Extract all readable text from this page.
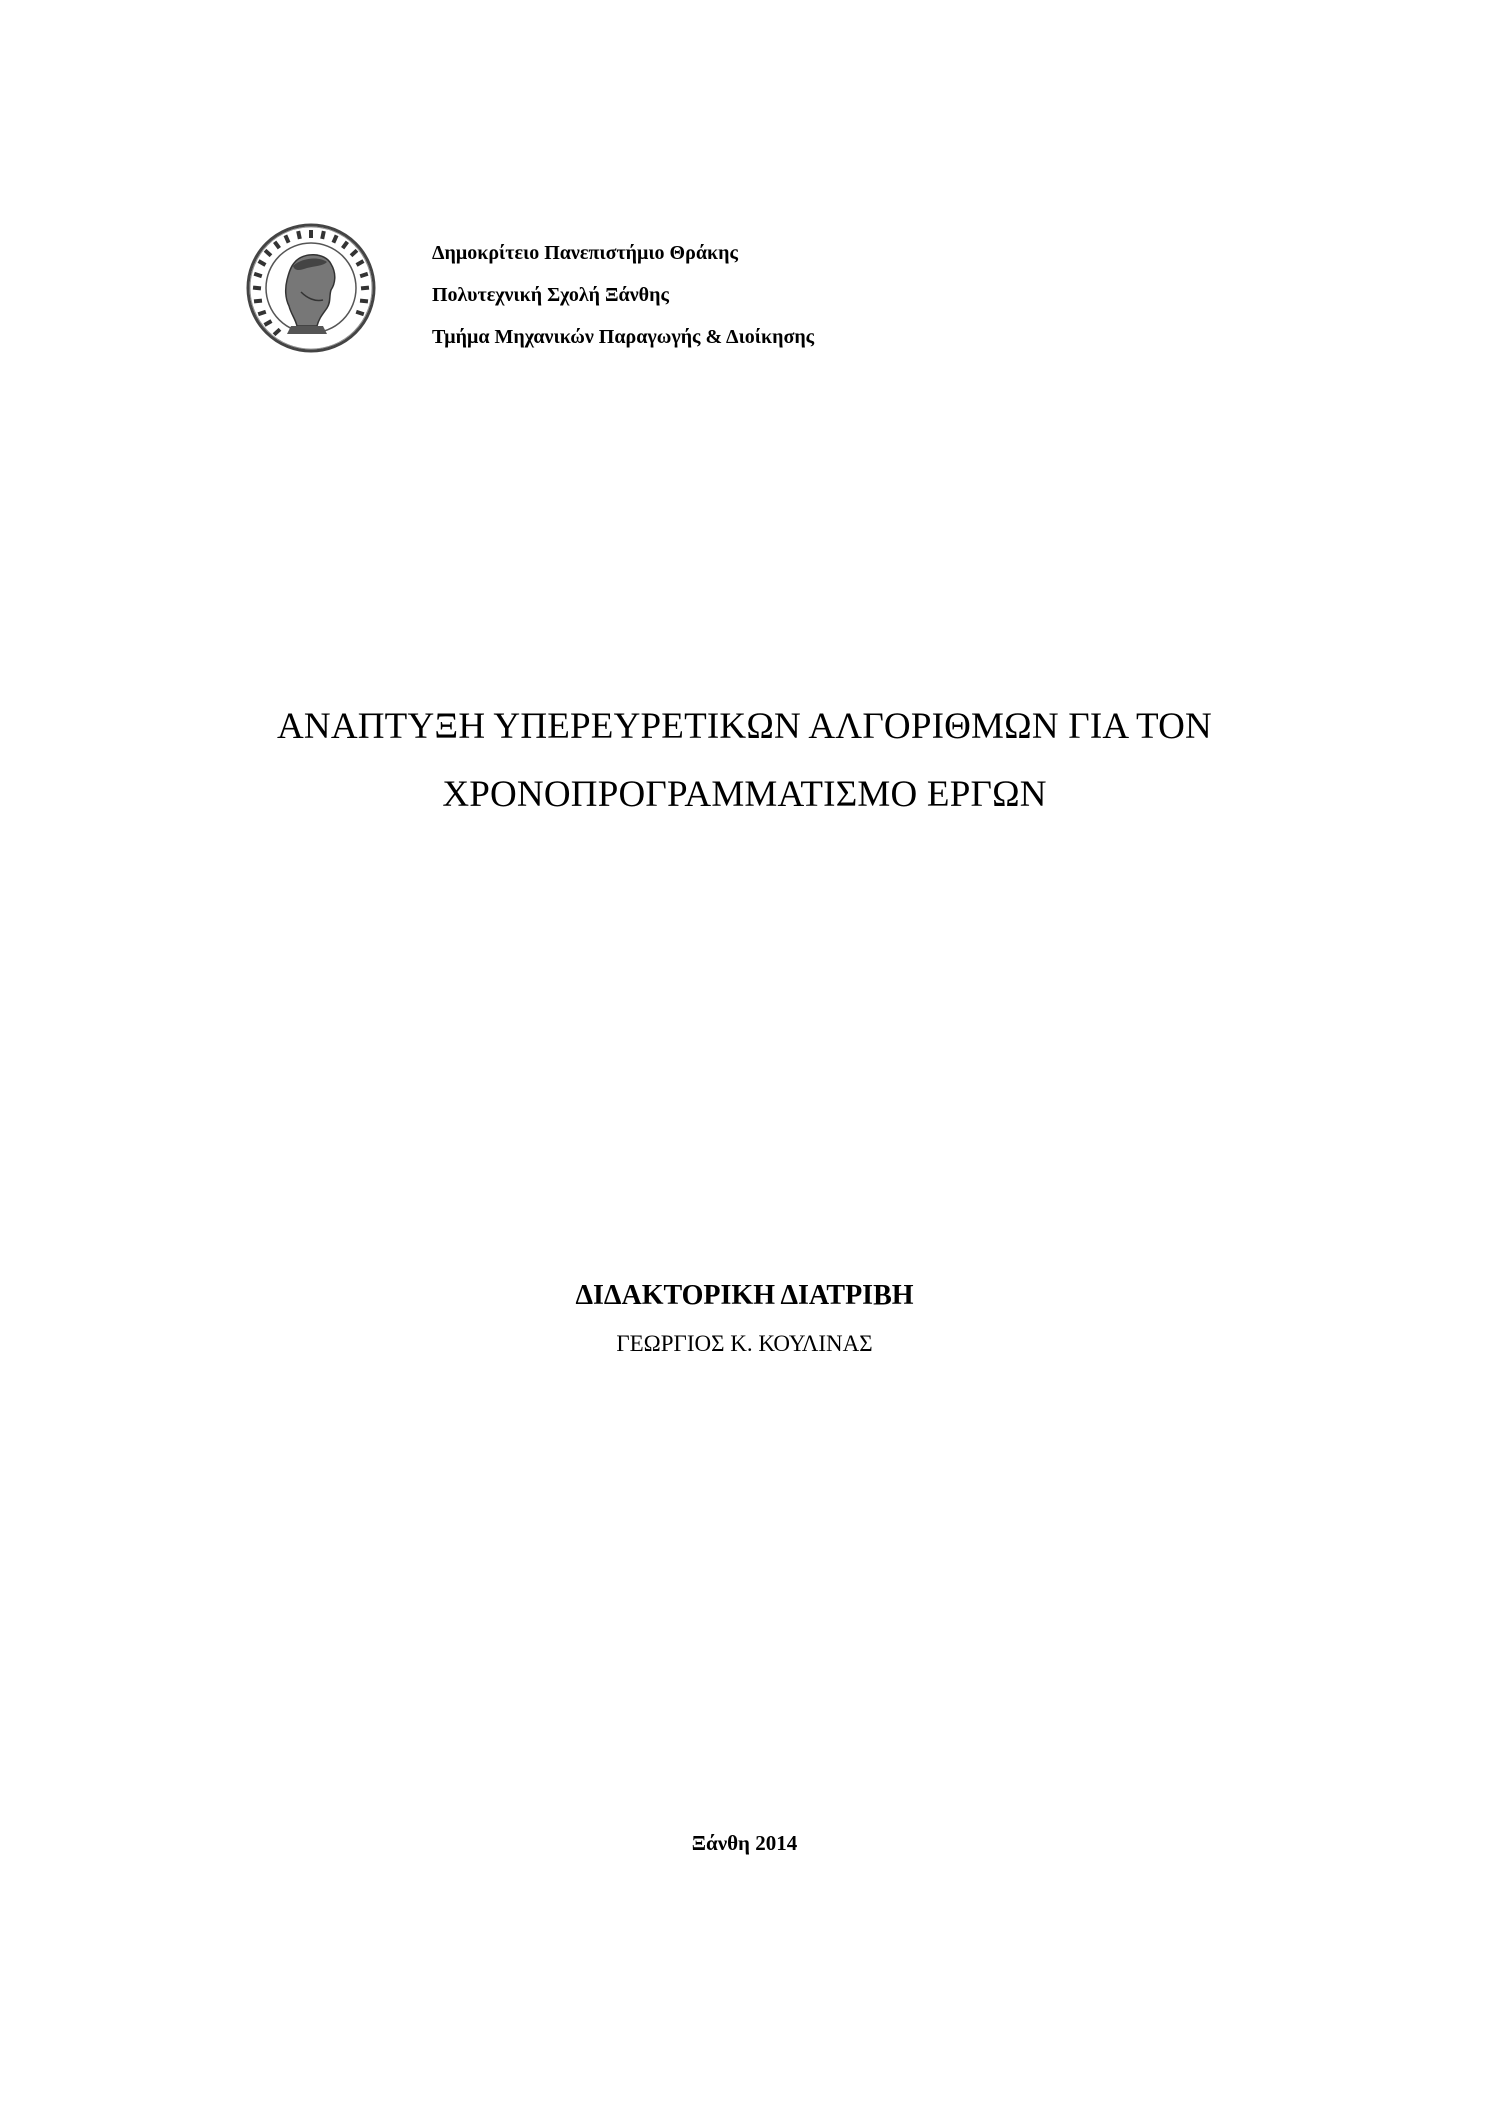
Δημοκρίτειο Πανεπιστήμιο Θράκης
Πολυτεχνική Σχολή Ξάνθης
Τμήμα Μηχανικών Παραγωγής & Διοίκησης
ΑΝΑΠΤΥΞΗ ΥΠΕΡΕΥΡΕΤΙΚΩΝ ΑΛΓΟΡΙΘΜΩΝ ΓΙΑ ΤΟΝ
ΧΡΟΝΟΠΡΟΓΡΑΜΜΑΤΙΣΜΟ ΕΡΓΩΝ
ΔΙΔΑΚΤΟΡΙΚΗ ΔΙΑΤΡΙΒΗ
ΓΕΩΡΓΙΟΣ Κ. ΚΟΥΛΙΝΑΣ
Ξάνθη 2014
